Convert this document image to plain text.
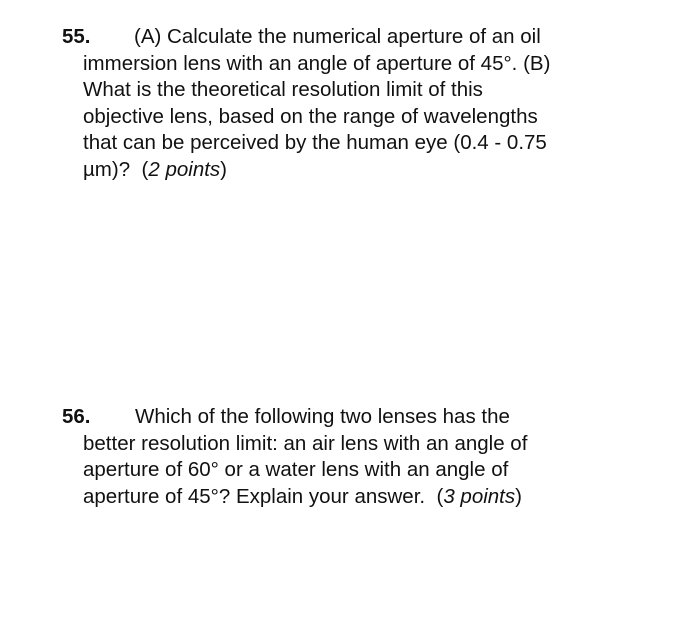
55. (A) Calculate the numerical aperture of an oil
immersion lens with an angle of aperture of 45°. (B)
What is the theoretical resolution limit of this
objective lens, based on the range of wavelengths
that can be perceived by the human eye (0.4 - 0.75
µm)? (2 points)
56. Which of the following two lenses has the
better resolution limit: an air lens with an angle of
aperture of 60° or a water lens with an angle of
aperture of 45°? Explain your answer. (3 points)
